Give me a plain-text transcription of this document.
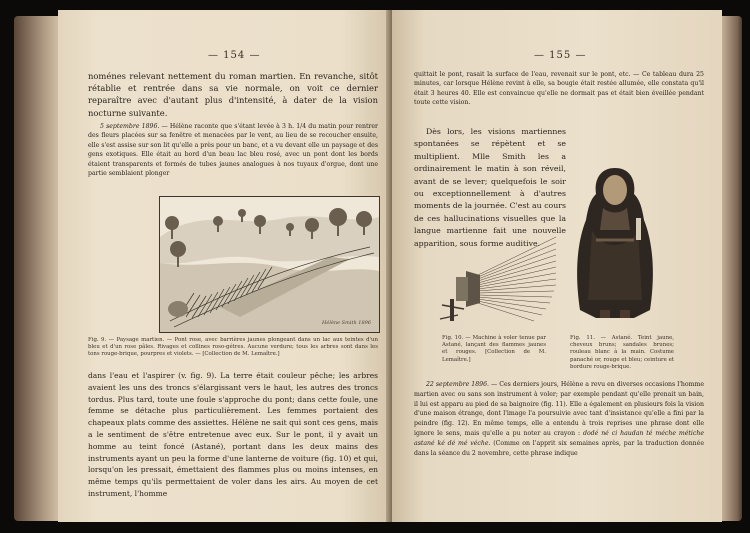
— 154 —

noménes relevant nettement du roman martien. En revanche, sitôt rétablie et rentrée dans sa vie normale, on voit ce dernier reparaître avec d'autant plus d'intensité, à dater de la vision nocturne suivante.

5 septembre 1896. — Hélène raconte que s'étant levée à 3 h. 1/4 du matin pour rentrer des fleurs placées sur sa fenêtre et menacées par le vent, au lieu de se recoucher ensuite, elle s'est assise sur son lit qu'elle a près pour un banc, et a vu devant elle un paysage et des gens exotiques. Elle était au bord d'un beau lac bleu rosé, avec un pont dont les bords étaient transparents et formés de tubes jaunes analogues à nos tuyaux d'orgue, dont une partie semblaient plonger

Hélène Smith 1896
Fig. 9. — Paysage martien. — Pont rose, avec barrières jaunes plongeant dans un lac aux teintes d'un bleu et d'un rose pâles. Rivages et collines roso-gétres. Aucune verdure; tous les arbres sont dans les tons rouge-brique, pourpres et violets. — [Collection de M. Lemaître.]

dans l'eau et l'aspirer (v. fig. 9). La terre était couleur pêche; les arbres avaient les uns des troncs s'élargissant vers le haut, les autres des troncs tordus. Plus tard, toute une foule s'approche du pont; dans cette foule, une femme se détache plus particulièrement. Les femmes portaient des chapeaux plats comme des assiettes. Hélène ne sait qui sont ces gens, mais a le sentiment de s'être entretenue avec eux. Sur le pont, il y avait un homme au teint foncé (Astané), portant dans les deux mains des instruments ayant un peu la forme d'une lanterne de voiture (fig. 10) et qui, lorsqu'on les pressait, émettaient des flammes plus ou moins intenses, en même temps qu'ils permettaient de voler dans les airs. Au moyen de cet instrument, l'homme

— 155 —

quittait le pont, rasait la surface de l'eau, revenait sur le pont, etc. — Ce tableau dura 25 minutes, car lorsque Hélène revint à elle, sa bougie était restée allumée, elle constata qu'il était 3 heures 40. Elle est convaincue qu'elle ne dormait pas et était bien éveillée pendant toute cette vision.

Dès lors, les visions martiennes spontanées se répètent et se multiplient. Mlle Smith les a ordinairement le matin à son réveil, avant de se lever; quelquefois le soir ou exceptionnellement à d'autres moments de la journée. C'est au cours de ces hallucinations visuelles que la langue martienne fait une nouvelle apparition, sous forme auditive.

Fig. 10. — Machine à voler tenue par Astané, lançant des flammes jaunes et rouges. [Collection de M. Lemaître.]
Fig. 11. — Astané. Teint jaune, cheveux bruns; sandales brunes; rouleau blanc à la main. Costume panaché or, rouge et bleu; ceinture et bordure rouge-brique.

22 septembre 1896. — Ces derniers jours, Hélène a revu en diverses occasions l'homme martien avec ou sans son instrument à voler; par exemple pendant qu'elle prenait un bain, il lui est apparu au pied de sa baignoire (fig. 11). Elle a également en plusieurs fois la vision d'une maison étrange, dont l'image l'a poursuivie avec tant d'insistance qu'elle a fini par la peindre (fig. 12). En même temps, elle a entendu à trois reprises une phrase dont elle ignore le sens, mais qu'elle a pu noter au crayon : dodé né ci haudan té méche métiche astané ké dé mé véche. (Comme on l'apprit six semaines après, par la traduction donnée dans la séance du 2 novembre, cette phrase indique
